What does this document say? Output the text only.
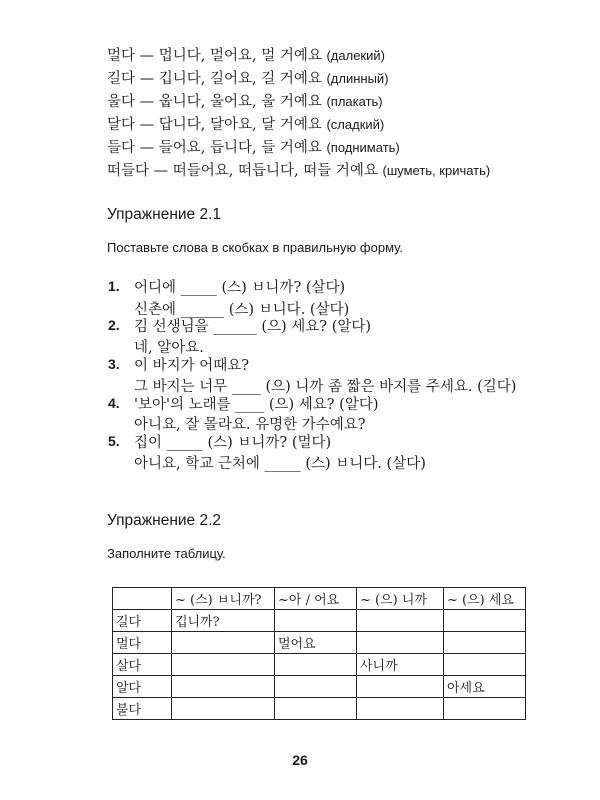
멀다 — 멉니다, 멀어요, 멀 거예요 (далекий)
길다 — 깁니다, 길어요, 길 거예요 (длинный)
울다 — 웁니다, 울어요, 울 거예요 (плакать)
달다 — 답니다, 달아요, 달 거예요 (сладкий)
들다 — 들어요, 듭니다, 들 거예요 (поднимать)
떠들다 — 떠들어요, 떠듭니다, 떠들 거예요 (шуметь, кричать)
Упражнение 2.1
Поставьте слова в скобках в правильную форму.
1. 어디에 _____ (스) ㅂ니까? (살다)
신촌에 ______ (스) ㅂ니다. (살다)
2. 김 선생님을 ______ (으) 세요? (알다)
네, 알아요.
3. 이 바지가 어때요?
그 바지는 너무 ____ (으) 니까 좀 짧은 바지를 주세요. (길다)
4. '보아'의 노래를 ____ (으) 세요? (알다)
아니요, 잘 몰라요. 유명한 가수예요?
5. 집이 _____ (스) ㅂ니까? (멀다)
아니요, 학교 근처에 _____ (스) ㅂ니다. (살다)
Упражнение 2.2
Заполните таблицу.
	~ (스) ㅂ니까?	~아 / 어요	~ (으) 니까	~ (으) 세요
길다	깁니까?			
멀다		멀어요		
살다			사니까	
알다				아세요
불다				
26
